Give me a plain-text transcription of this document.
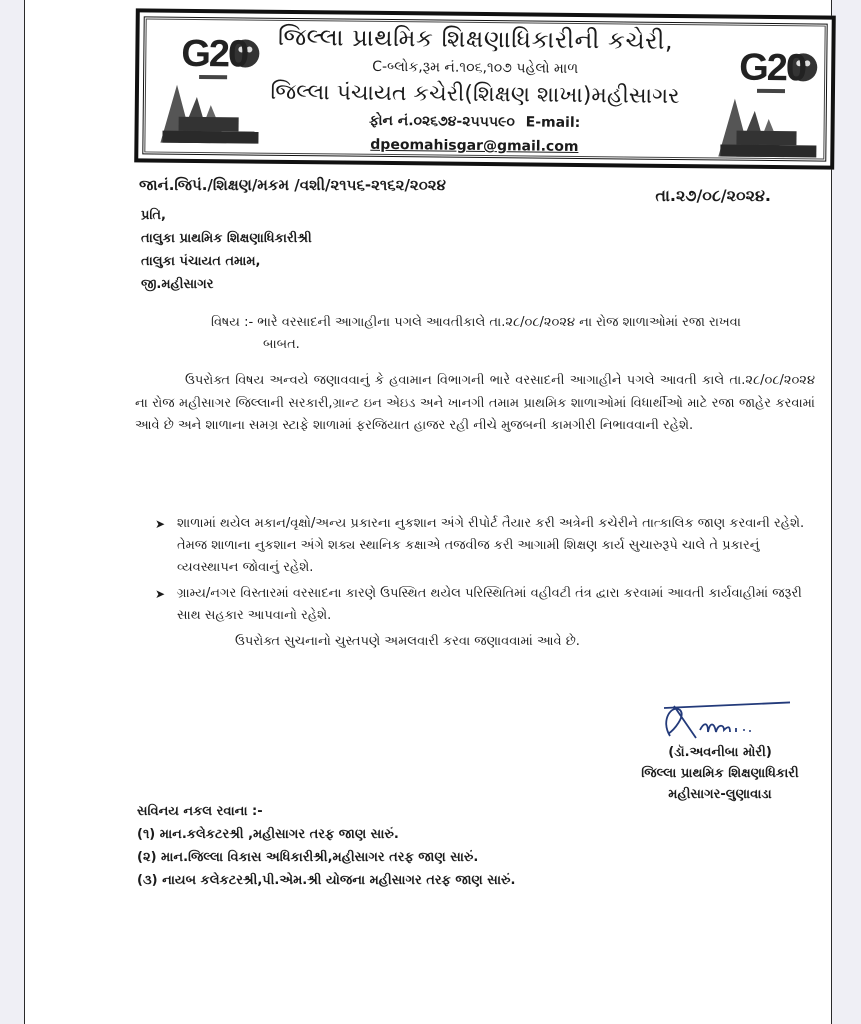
G20	જિલ્લા પ્રાથમિક શિક્ષણાધિકારીની કચેરી,
C-બ્લોક,રૂમ નં.૧૦૬,૧૦૭ પહેલો માળ
જિલ્લા પંચાયત કચેરી(શિક્ષણ શાખા)મહીસાગર
ફોન નં.૦૨૬૭૪-૨૫૫૫૯૦ E-mail: dpeomahisgar@gmail.com
G20
જાનં.જિપં./શિક્ષણ/મકમ /વશી/૨૧૫૬-૨૧૬૨/૨૦૨૪
તા.૨૭/૦૮/૨૦૨૪.
પ્રતિ,
તાલુકા પ્રાથમિક શિક્ષણાધિકારીશ્રી
તાલુકા પંચાયત તમામ,
જી.મહીસાગર
વિષય :- ભારે વરસાદની આગાહીના પગલે આવતીકાલે તા.૨૮/૦૮/૨૦૨૪ ના રોજ શાળાઓમાં રજા રાખવા
બાબત.
ઉપરોક્ત વિષય અન્વયે જણાવવાનું કે હવામાન વિભાગની ભારે વરસાદની આગાહીને પગલે આવતી કાલે તા.૨૮/૦૮/૨૦૨૪ ના રોજ મહીસાગર જિલ્લાની સરકારી,ગ્રાન્ટ ઇન એઇડ અને ખાનગી તમામ પ્રાથમિક શાળાઓમાં વિધાર્થીઓ માટે રજા જાહેર કરવામાં આવે છે અને શાળાના સમગ્ર સ્ટાફે શાળામાં ફરજિયાત હાજર રહી નીચે મુજબની કામગીરી નિભાવવાની રહેશે.
➤ શાળામાં થયેલ મકાન/વૃક્ષો/અન્ય પ્રકારના નુકશાન અંગે રીપોર્ટ તૈયાર કરી અત્રેની કચેરીને તાત્કાલિક જાણ કરવાની રહેશે. તેમજ શાળાના નુકશાન અંગે શક્ય સ્થાનિક કક્ષાએ તજવીજ કરી આગામી શિક્ષણ કાર્ય સુચારુરૂપે ચાલે તે પ્રકારનું વ્યવસ્થાપન જોવાનું રહેશે.
➤ ગ્રામ્ય/નગર વિસ્તારમાં વરસાદના કારણે ઉપસ્થિત થયેલ પરિસ્થિતિમાં વહીવટી તંત્ર દ્વારા કરવામાં આવતી કાર્યવાહીમાં જરૂરી સાથ સહકાર આપવાનો રહેશે.
ઉપરોક્ત સુચનાનો ચુસ્તપણે અમલવારી કરવા જણાવવામાં આવે છે.
(ડૉ.અવનીબા મોરી)
જિલ્લા પ્રાથમિક શિક્ષણાધિકારી
મહીસાગર-લુણાવાડા
સવિનય નકલ રવાના :-
(૧) માન.કલેકટરશ્રી ,મહીસાગર તરફ જાણ સારું.
(૨) માન.જિલ્લા વિકાસ અધિકારીશ્રી,મહીસાગર તરફ જાણ સારું.
(૩) નાયબ કલેકટરશ્રી,પી.એમ.શ્રી યોજના મહીસાગર તરફ જાણ સારું.
